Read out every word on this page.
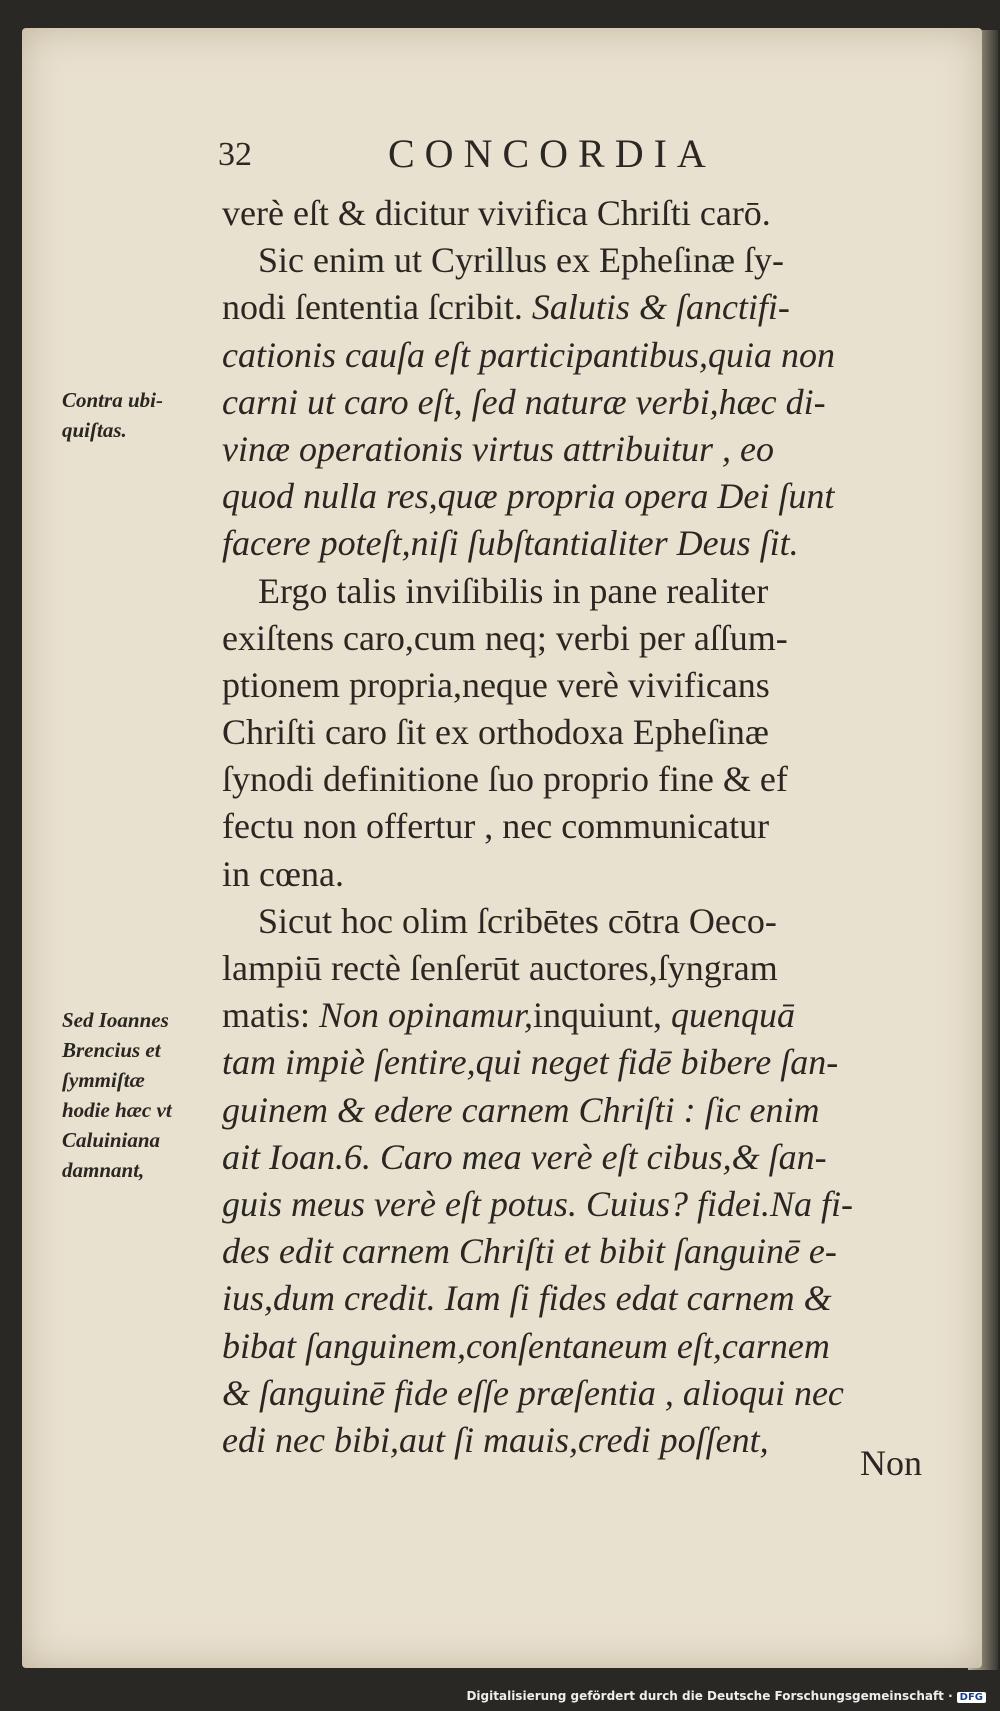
32	CONCORDIA
verè eſt & dicitur vivifica Chriſti carō.
Sic enim ut Cyrillus ex Epheſinæ ſy-
nodi ſententia ſcribit. Salutis & ſanctifi-
cationis cauſa eſt participantibus,quia non
carni ut caro eſt, ſed naturæ verbi,hæc di-
vinæ operationis virtus attribuitur , eo
quod nulla res,quæ propria opera Dei ſunt
facere poteſt,niſi ſubſtantialiter Deus ſit.
Ergo talis inviſibilis in pane realiter
exiſtens caro,cum neq; verbi per aſſum-
ptionem propria,neque verè vivificans
Chriſti caro ſit ex orthodoxa Epheſinæ
ſynodi definitione ſuo proprio fine & ef
fectu non offertur , nec communicatur
in cœna.
Sicut hoc olim ſcribētes cōtra Oeco-
lampiū rectè ſenſerūt auctores,ſyngram
matis: Non opinamur,inquiunt, quenquā
tam impiè ſentire,qui neget fidē bibere ſan-
guinem & edere carnem Chriſti : ſic enim
ait Ioan.6. Caro mea verè eſt cibus,& ſan-
guis meus verè eſt potus. Cuius? fidei.Na fi-
des edit carnem Chriſti et bibit ſanguinē e-
ius,dum credit. Iam ſi fides edat carnem &
bibat ſanguinem,conſentaneum eſt,carnem
& ſanguinē fide eſſe præſentia , alioqui nec
edi nec bibi,aut ſi mauis,credi poſſent,
Contra ubi-
quiſtas.
Sed Ioannes
Brencius et
ſymmiſtæ
hodie hæc vt
Caluiniana
damnant,
Non
Digitalisierung gefördert durch die Deutsche Forschungsgemeinschaft · DFG
